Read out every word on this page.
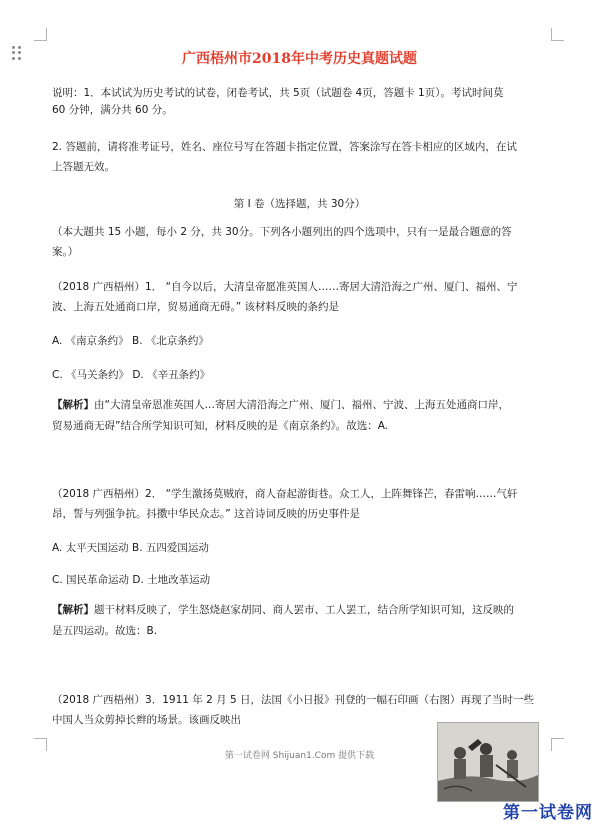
广西梧州市2018年中考历史真题试题
说明：1．本试试为历史考试的试卷，闭卷考试，共 5页（试题卷 4页，答题卡 1页）。考试时间莫
60 分钟，满分共 60 分。
2. 答题前，请将准考证号，姓名、座位号写在答题卡指定位置，答案涂写在答卡相应的区域内，在试
上答题无效。
第 I 卷（选择题，共 30分）
（本大题共 15 小题，每小 2 分，共 30分。下列各小题列出的四个选项中，只有一是最合题意的答
案。）
（2018 广西梧州）1． “自今以后，大清皇帝愿准英国人……寄居大清沿海之广州、厦门、福州、宁
波、上海五处通商口岸，贸易通商无碍。” 该材料反映的条约是
A. 《南京条约》 B. 《北京条约》
C. 《马关条约》 D. 《辛丑条约》
【解析】由“大清皇帝恩准英国人…寄居大清沿海之广州、厦门、福州、宁波、上海五处通商口岸，
贸易通商无碍”结合所学知识可知，材料反映的是《南京条约》。故选：A.
（2018 广西梧州）2． “学生激扬莫贼府，商人奋起游街巷。众工人，上阵舞锋芒，春雷响……气轩
昂，誓与列强争抗。抖擞中华民众志。” 这首诗词反映的历史事件是
A. 太平天国运动 B. 五四爱国运动
C. 国民革命运动 D. 土地改革运动
【解析】题干材料反映了，学生怒烧赵家胡同、商人罢市、工人罢工，结合所学知识可知，这反映的
是五四运动。故选：B.
（2018 广西梧州）3．1911 年 2 月 5 日，法国《小日报》刊登的一幅石印画（右图）再现了当时一些
中国人当众剪掉长辫的场景。该画反映出
第一试卷网 Shijuan1.Com 提供下载
第一试卷网
